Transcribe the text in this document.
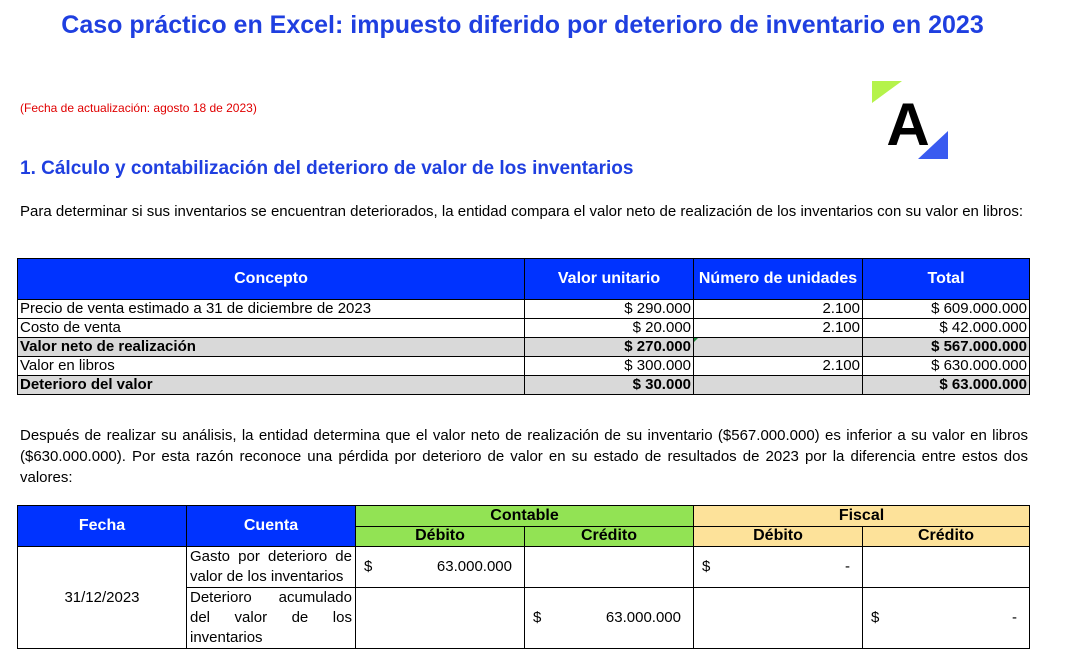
Caso práctico en Excel: impuesto diferido por deterioro de inventario en 2023
(Fecha de actualización: agosto 18 de 2023)	A
1. Cálculo y contabilización del deterioro de valor de los inventarios
Para determinar si sus inventarios se encuentran deteriorados, la entidad compara el valor neto de realización de los inventarios con su valor en libros:
Concepto	Valor unitario	Número de unidades	Total
Precio de venta estimado a 31 de diciembre de 2023	$ 290.000	2.100	$ 609.000.000
Costo de venta	$ 20.000	2.100	$ 42.000.000
Valor neto de realización	$ 270.000		$ 567.000.000
Valor en libros	$ 300.000	2.100	$ 630.000.000
Deterioro del valor	$ 30.000		$ 63.000.000
Después de realizar su análisis, la entidad determina que el valor neto de realización de su inventario ($567.000.000) es inferior a su valor en libros ($630.000.000). Por esta razón reconoce una pérdida por deterioro de valor en su estado de resultados de 2023 por la diferencia entre estos dos valores:
Fecha	Cuenta	Contable		Fiscal	
		Débito	Crédito	Débito	Crédito
31/12/2023	Gasto por deterioro de valor de los inventarios	$ 63.000.000		$ -	

	Deterioro acumulado del valor de los inventarios		$ 63.000.000		$ -
